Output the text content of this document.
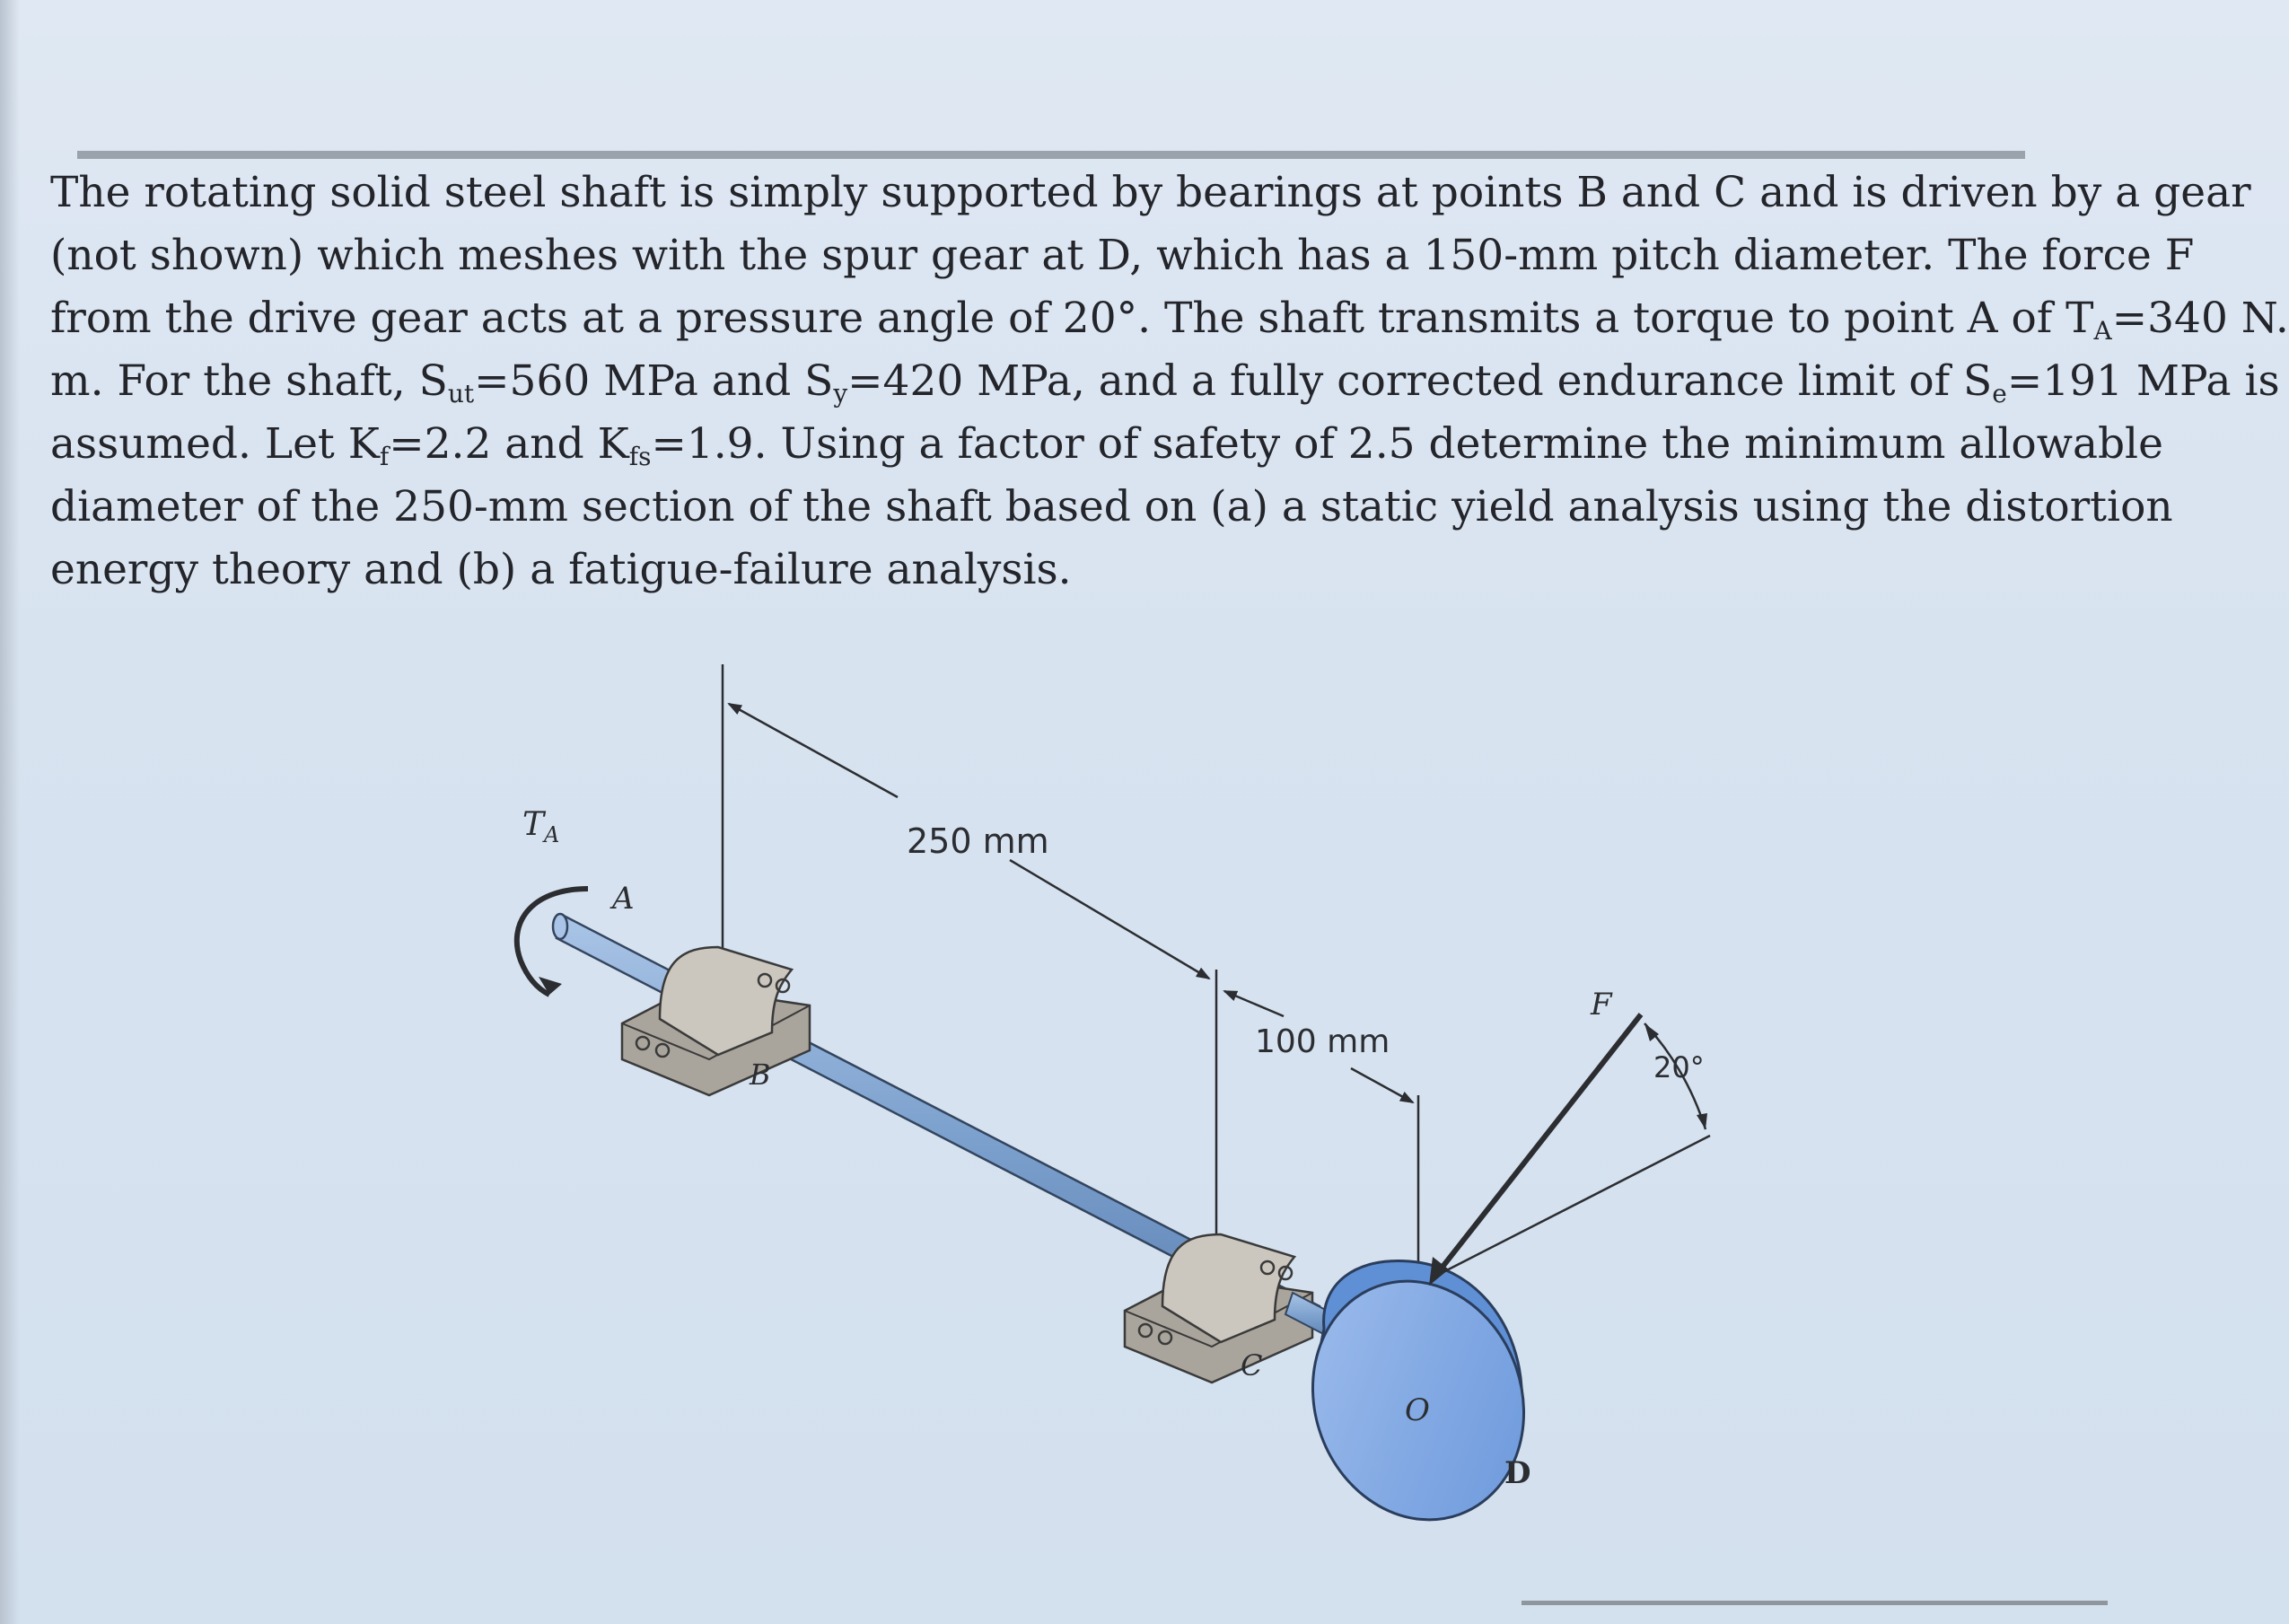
The rotating solid steel shaft is simply supported by bearings at points B and C and is driven by a gear
(not shown) which meshes with the spur gear at D, which has a 150-mm pitch diameter. The force F
from the drive gear acts at a pressure angle of 20°. The shaft transmits a torque to point A of $T_A=340$ N.
m. For the shaft, $S_{ut}=560$ MPa and $S_y=420$ MPa, and a fully corrected endurance limit of $S_e=191$ MPa is
assumed. Let $K_f=2.2$ and $K_{fs}=1.9$. Using a factor of safety of 2.5 determine the minimum allowable
diameter of the 250-mm section of the shaft based on (a) a static yield analysis using the distortion
energy theory and (b) a fatigue-failure analysis.

250 mm
100 mm
$T_A$
A
B
C
O
D
F
20°
